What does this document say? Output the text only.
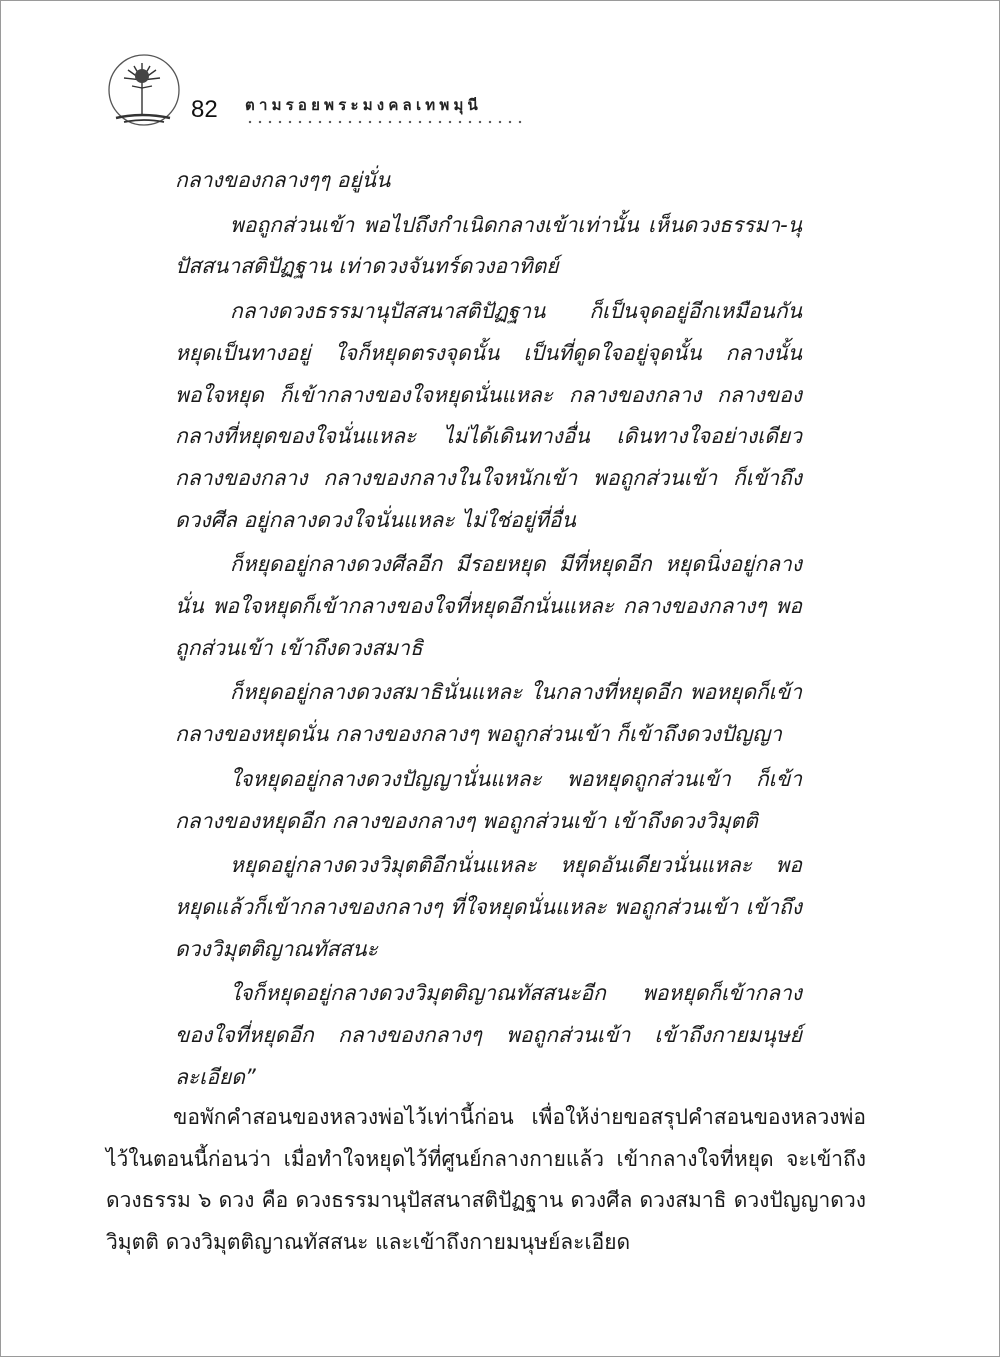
82 ตามรอยพระมงคลเทพมุนี

กลางของกลางๆๆ อยู่นั่น

พอถูกส่วนเข้า พอไปถึงกำเนิดกลางเข้าเท่านั้น เห็นดวงธรรมา-นุปัสสนาสติปัฏฐาน เท่าดวงจันทร์ดวงอาทิตย์

กลางดวงธรรมานุปัสสนาสติปัฏฐาน ก็เป็นจุดอยู่อีกเหมือนกัน หยุดเป็นทางอยู่ ใจก็หยุดตรงจุดนั้น เป็นที่ดูดใจอยู่จุดนั้น กลางนั้น พอใจหยุด ก็เข้ากลางของใจหยุดนั่นแหละ กลางของกลาง กลางของกลางที่หยุดของใจนั่นแหละ ไม่ได้เดินทางอื่น เดินทางใจอย่างเดียว กลางของกลาง กลางของกลางในใจหนักเข้า พอถูกส่วนเข้า ก็เข้าถึงดวงศีล อยู่กลางดวงใจนั่นแหละ ไม่ใช่อยู่ที่อื่น

ก็หยุดอยู่กลางดวงศีลอีก มีรอยหยุด มีที่หยุดอีก หยุดนิ่งอยู่กลางนั่น พอใจหยุดก็เข้ากลางของใจที่หยุดอีกนั่นแหละ กลางของกลางๆ พอถูกส่วนเข้า เข้าถึงดวงสมาธิ

ก็หยุดอยู่กลางดวงสมาธินั่นแหละ ในกลางที่หยุดอีก พอหยุดก็เข้ากลางของหยุดนั่น กลางของกลางๆ พอถูกส่วนเข้า ก็เข้าถึงดวงปัญญา

ใจหยุดอยู่กลางดวงปัญญานั่นแหละ พอหยุดถูกส่วนเข้า ก็เข้ากลางของหยุดอีก กลางของกลางๆ พอถูกส่วนเข้า เข้าถึงดวงวิมุตติ

หยุดอยู่กลางดวงวิมุตติอีกนั่นแหละ หยุดอันเดียวนั่นแหละ พอหยุดแล้วก็เข้ากลางของกลางๆ ที่ใจหยุดนั่นแหละ พอถูกส่วนเข้า เข้าถึงดวงวิมุตติญาณทัสสนะ

ใจก็หยุดอยู่กลางดวงวิมุตติญาณทัสสนะอีก พอหยุดก็เข้ากลางของใจที่หยุดอีก กลางของกลางๆ พอถูกส่วนเข้า เข้าถึงกายมนุษย์ละเอียด”

ขอพักคำสอนของหลวงพ่อไว้เท่านี้ก่อน เพื่อให้ง่ายขอสรุปคำสอนของหลวงพ่อไว้ในตอนนี้ก่อนว่า เมื่อทำใจหยุดไว้ที่ศูนย์กลางกายแล้ว เข้ากลางใจที่หยุด จะเข้าถึงดวงธรรม ๖ ดวง คือ ดวงธรรมานุปัสสนาสติปัฏฐาน ดวงศีล ดวงสมาธิ ดวงปัญญาดวงวิมุตติ ดวงวิมุตติญาณทัสสนะ และเข้าถึงกายมนุษย์ละเอียด
